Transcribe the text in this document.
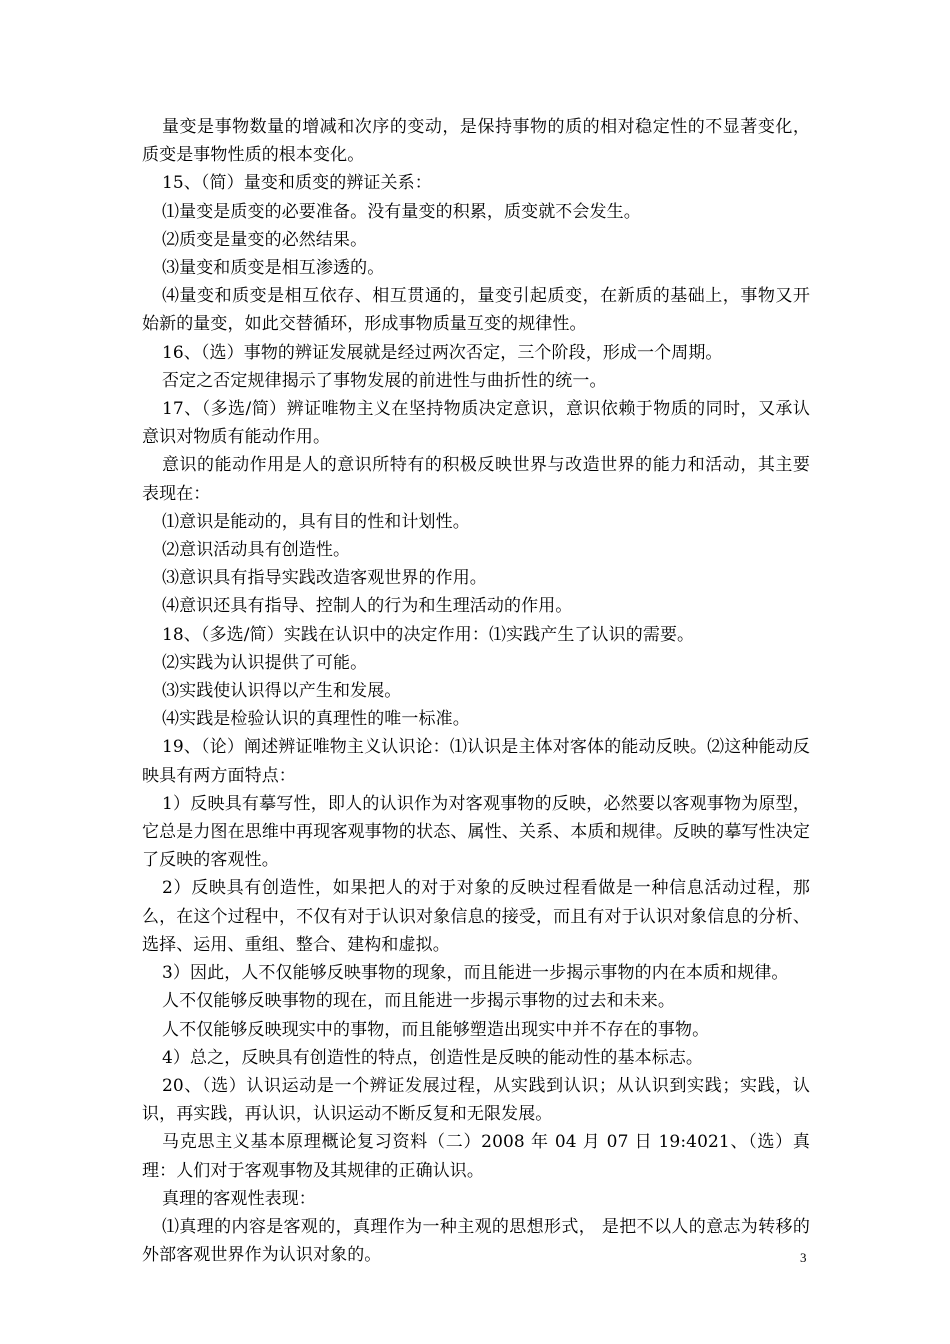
量变是事物数量的增减和次序的变动，是保持事物的质的相对稳定性的不显著变化，质变是事物性质的根本变化。

15、（简）量变和质变的辨证关系：

⑴量变是质变的必要准备。没有量变的积累，质变就不会发生。

⑵质变是量变的必然结果。

⑶量变和质变是相互渗透的。

⑷量变和质变是相互依存、相互贯通的，量变引起质变，在新质的基础上，事物又开始新的量变，如此交替循环，形成事物质量互变的规律性。

16、（选）事物的辨证发展就是经过两次否定，三个阶段，形成一个周期。

否定之否定规律揭示了事物发展的前进性与曲折性的统一。

17、（多选/简）辨证唯物主义在坚持物质决定意识，意识依赖于物质的同时，又承认意识对物质有能动作用。

意识的能动作用是人的意识所特有的积极反映世界与改造世界的能力和活动，其主要表现在：

⑴意识是能动的，具有目的性和计划性。

⑵意识活动具有创造性。

⑶意识具有指导实践改造客观世界的作用。

⑷意识还具有指导、控制人的行为和生理活动的作用。

18、（多选/简）实践在认识中的决定作用：⑴实践产生了认识的需要。

⑵实践为认识提供了可能。

⑶实践使认识得以产生和发展。

⑷实践是检验认识的真理性的唯一标准。

19、（论）阐述辨证唯物主义认识论：⑴认识是主体对客体的能动反映。⑵这种能动反映具有两方面特点：

1）反映具有摹写性，即人的认识作为对客观事物的反映，必然要以客观事物为原型，它总是力图在思维中再现客观事物的状态、属性、关系、本质和规律。反映的摹写性决定了反映的客观性。

2）反映具有创造性，如果把人的对于对象的反映过程看做是一种信息活动过程，那么，在这个过程中，不仅有对于认识对象信息的接受，而且有对于认识对象信息的分析、选择、运用、重组、整合、建构和虚拟。

3）因此，人不仅能够反映事物的现象，而且能进一步揭示事物的内在本质和规律。

人不仅能够反映事物的现在，而且能进一步揭示事物的过去和未来。

人不仅能够反映现实中的事物，而且能够塑造出现实中并不存在的事物。

4）总之，反映具有创造性的特点，创造性是反映的能动性的基本标志。

20、（选）认识运动是一个辨证发展过程，从实践到认识；从认识到实践；实践，认识，再实践，再认识，认识运动不断反复和无限发展。

马克思主义基本原理概论复习资料（二）2008 年 04 月 07 日 19:4021、（选）真理：人们对于客观事物及其规律的正确认识。

真理的客观性表现：

⑴真理的内容是客观的，真理作为一种主观的思想形式， 是把不以人的意志为转移的外部客观世界作为认识对象的。	3
